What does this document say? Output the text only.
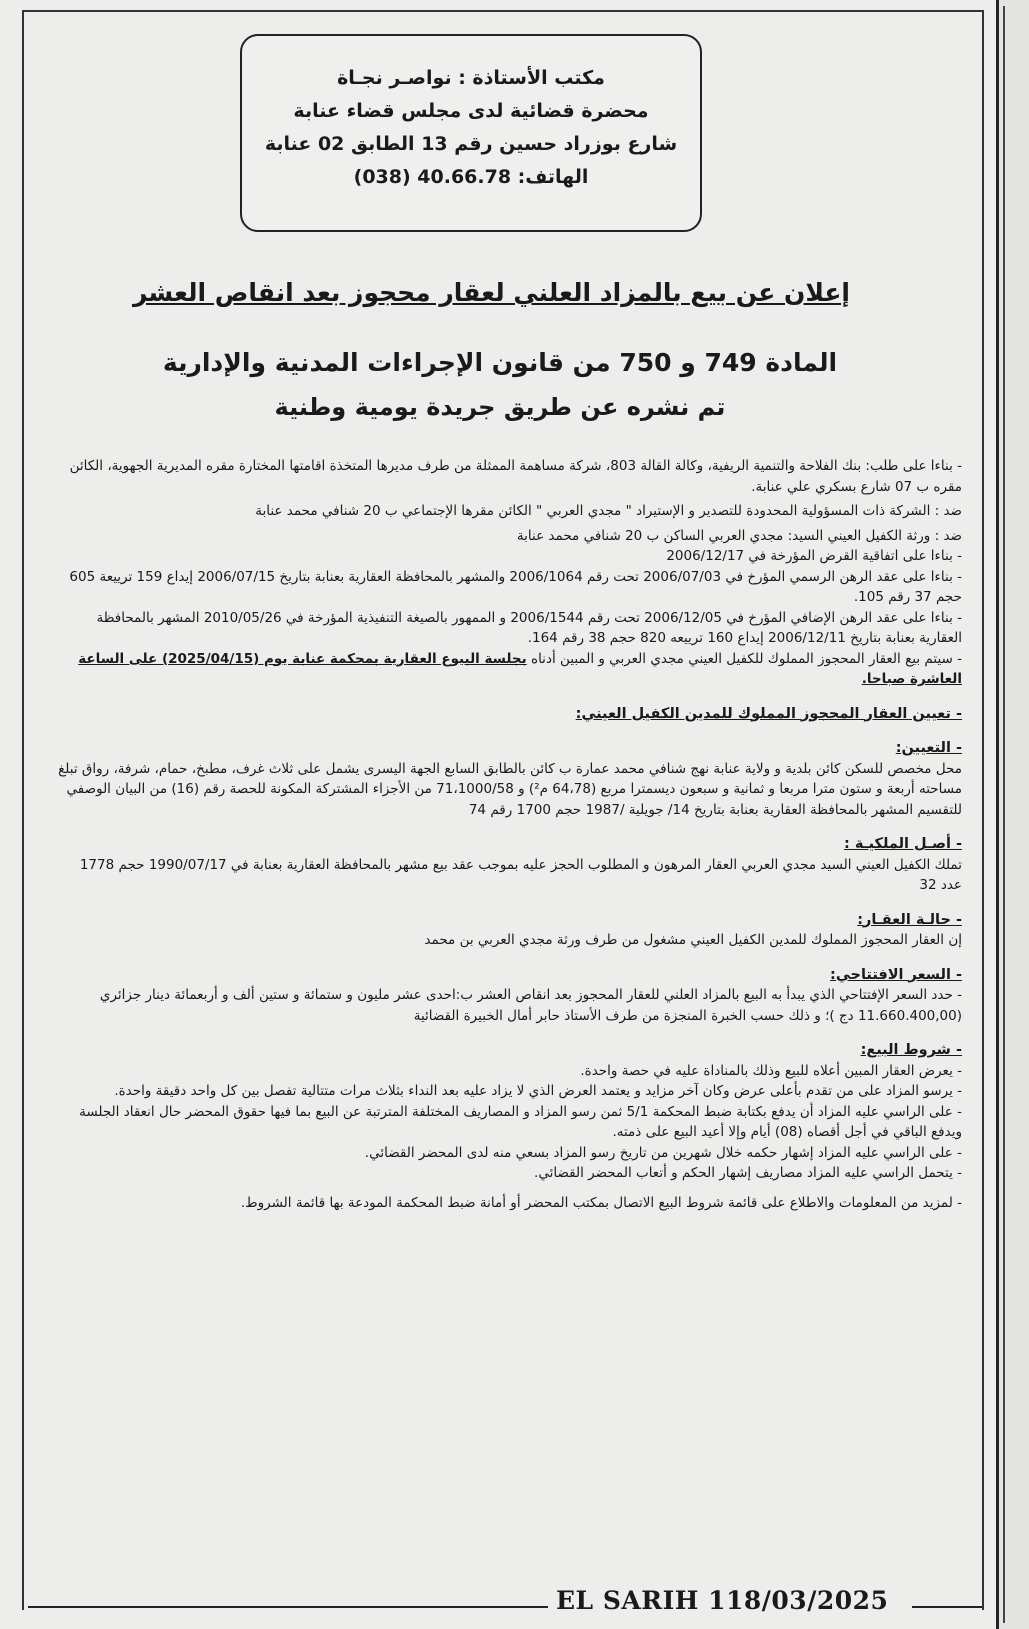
مكتب الأستاذة : نواصـر نجـاة
محضرة قضائية لدى مجلس قضاء عنابة
شارع بوزراد حسين رقم 13 الطابق 02 عنابة
الهاتف: 40.66.78 (038)
إعلان عن بيع بالمزاد العلني لعقار محجوز بعد انقاص العشر
المادة 749 و 750 من قانون الإجراءات المدنية والإدارية
تم نشره عن طريق جريدة يومية وطنية

- بناءا على طلب: بنك الفلاحة والتنمية الريفية، وكالة القالة 803، شركة مساهمة الممثلة من طرف مديرها المتخذة اقامتها المختارة مقره المديرية الجهوية، الكائن مقره ب 07 شارع بسكري علي عنابة.

ضد : الشركة ذات المسؤولية المحدودة للتصدير و الإستيراد " مجدي العربي " الكائن مقرها الإجتماعي ب 20 شنافي محمد عنابة

ضد : ورثة الكفيل العيني السيد: مجدي العربي الساكن ب 20 شنافي محمد عنابة

- بناءا على اتفاقية القرض المؤرخة في 2006/12/17

- بناءا على عقد الرهن الرسمي المؤرخ في 2006/07/03 تحت رقم 2006/1064 والمشهر بالمحافظة العقارية بعنابة بتاريخ 2006/07/15 إيداع 159 ترييعة 605 حجم 37 رقم 105.

- بناءا على عقد الرهن الإضافي المؤرخ في 2006/12/05 تحت رقم 2006/1544 و الممهور بالصيغة التنفيذية المؤرخة في 2010/05/26 المشهر بالمحافظة العقارية بعنابة بتاريخ 2006/12/11 إيداع 160 ترييعه 820 حجم 38 رقم 164.

- سيتم بيع العقار المحجوز المملوك للكفيل العيني مجدي العربي و المبين أدناه بجلسة البيوع العقارية بمحكمة عنابة يوم (2025/04/15) على الساعة العاشرة صباحا.

- تعيين العقار المحجوز المملوك للمدين الكفيل العيني:

- التعيين:

محل مخصص للسكن كائن بلدية و ولاية عنابة نهج شنافي محمد عمارة ب كائن بالطابق السابع الجهة اليسرى يشمل على ثلاث غرف، مطبخ، حمام، شرفة، رواق تبلغ مساحته أربعة و ستون مترا مربعا و ثمانية و سبعون ديسمترا مربع (64،78 م²) و 71،1000/58 من الأجزاء المشتركة المكونة للحصة رقم (16) من البيان الوصفي للتقسيم المشهر بالمحافظة العقارية بعنابة بتاريخ 14/ جويلية /1987 حجم 1700 رقم 74

- أصـل الملكيـة :

تملك الكفيل العيني السيد مجدي العربي العقار المرهون و المطلوب الحجز عليه بموجب عقد بيع مشهر بالمحافظة العقارية بعنابة في 1990/07/17 حجم 1778 عدد 32

- حالـة العقـار:

إن العقار المحجوز المملوك للمدين الكفيل العيني مشغول من طرف ورثة مجدي العربي بن محمد

- السعر الافتتاحي:

- حدد السعر الإفتتاحي الذي يبدأ به البيع بالمزاد العلني للعقار المحجوز بعد انقاص العشر ب:احدى عشر مليون و ستمائة و ستين ألف و أربعمائة دينار جزائري (11.660.400,00 دج )؛ و ذلك حسب الخبرة المنجزة من طرف الأستاذ حابر أمال الخبيرة القضائية

- شروط البيع:

- يعرض العقار المبين أعلاه للبيع وذلك بالمناداة عليه في حصة واحدة.

- يرسو المزاد على من تقدم بأعلى عرض وكان آخر مزايد و يعتمد العرض الذي لا يزاد عليه بعد النداء بثلاث مرات متتالية تفصل بين كل واحد دقيقة واحدة.

- على الراسي عليه المزاد أن يدفع بكتابة ضبط المحكمة 5/1 ثمن رسو المزاد و المصاريف المختلفة المترتبة عن البيع بما فيها حقوق المحضر حال انعقاد الجلسة ويدفع الباقي في أجل أقصاه (08) أيام وإلا أعيد البيع على ذمته.

- على الراسي عليه المزاد إشهار حكمه خلال شهرين من تاريخ رسو المزاد بسعي منه لدى المحضر القضائي.

- يتحمل الراسي عليه المزاد مصاريف إشهار الحكم و أتعاب المحضر القضائي.

- لمزيد من المعلومات والاطلاع على قائمة شروط البيع الاتصال بمكتب المحضر أو أمانة ضبط المحكمة المودعة بها قائمة الشروط.

EL SARIH 118/03/2025
